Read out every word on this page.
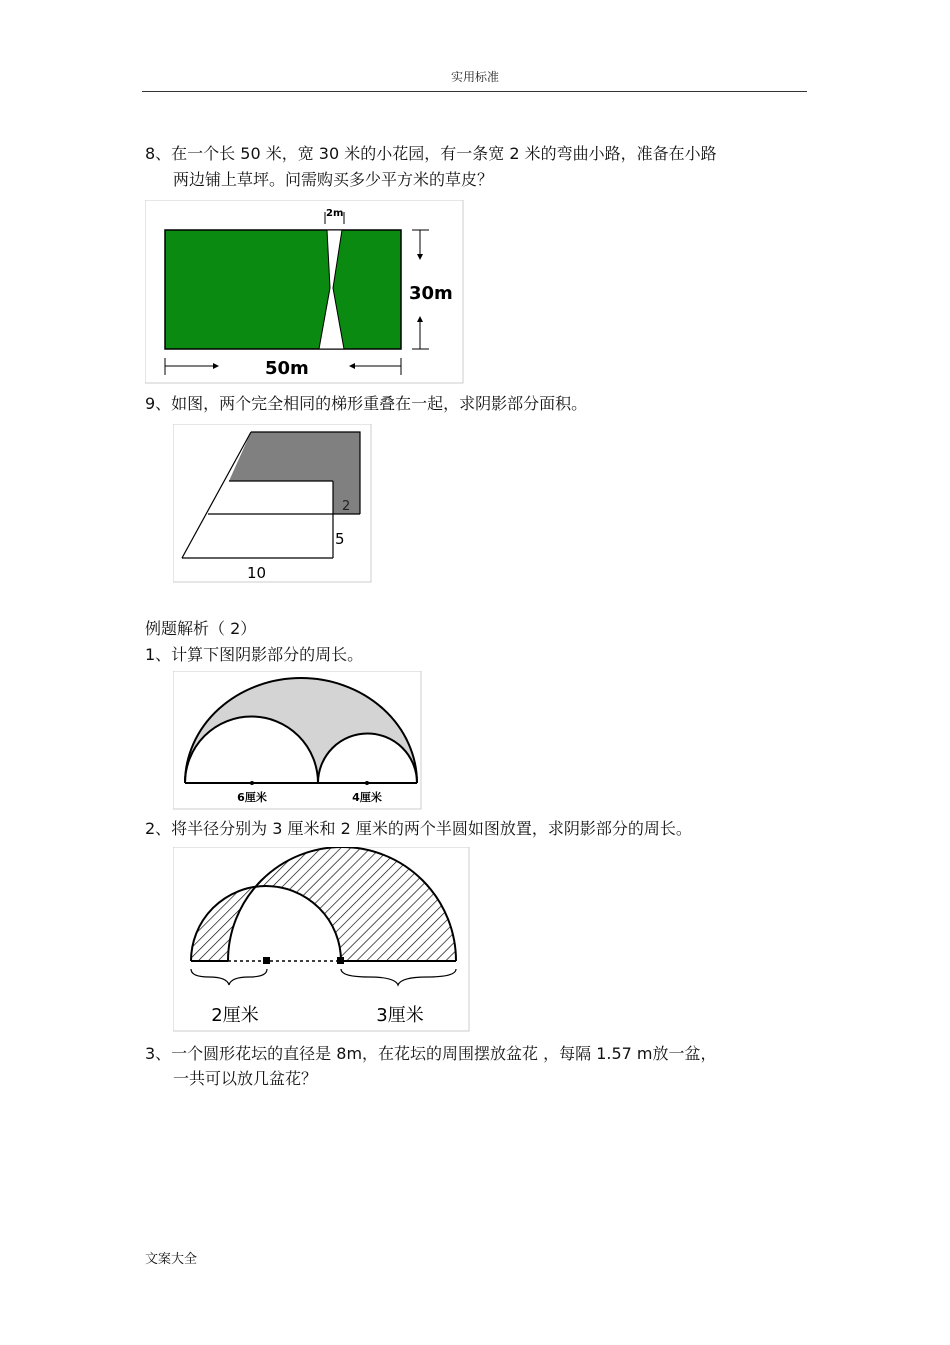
实用标准
8、在一个长 50 米，宽 30 米的小花园，有一条宽 2 米的弯曲小路，准备在小路
两边铺上草坪。问需购买多少平方米的草皮？
2m
30m
50m
9、如图，两个完全相同的梯形重叠在一起，求阴影部分面积。
2
5
10
例题解析（ 2）
1、计算下图阴影部分的周长。
6厘米	4厘米
2、将半径分别为 3 厘米和 2 厘米的两个半圆如图放置，求阴影部分的周长。
2厘米	3厘米
3、一个圆形花坛的直径是 8m，在花坛的周围摆放盆花 ，每隔 1.57 m放一盆，
一共可以放几盆花？
文案大全
